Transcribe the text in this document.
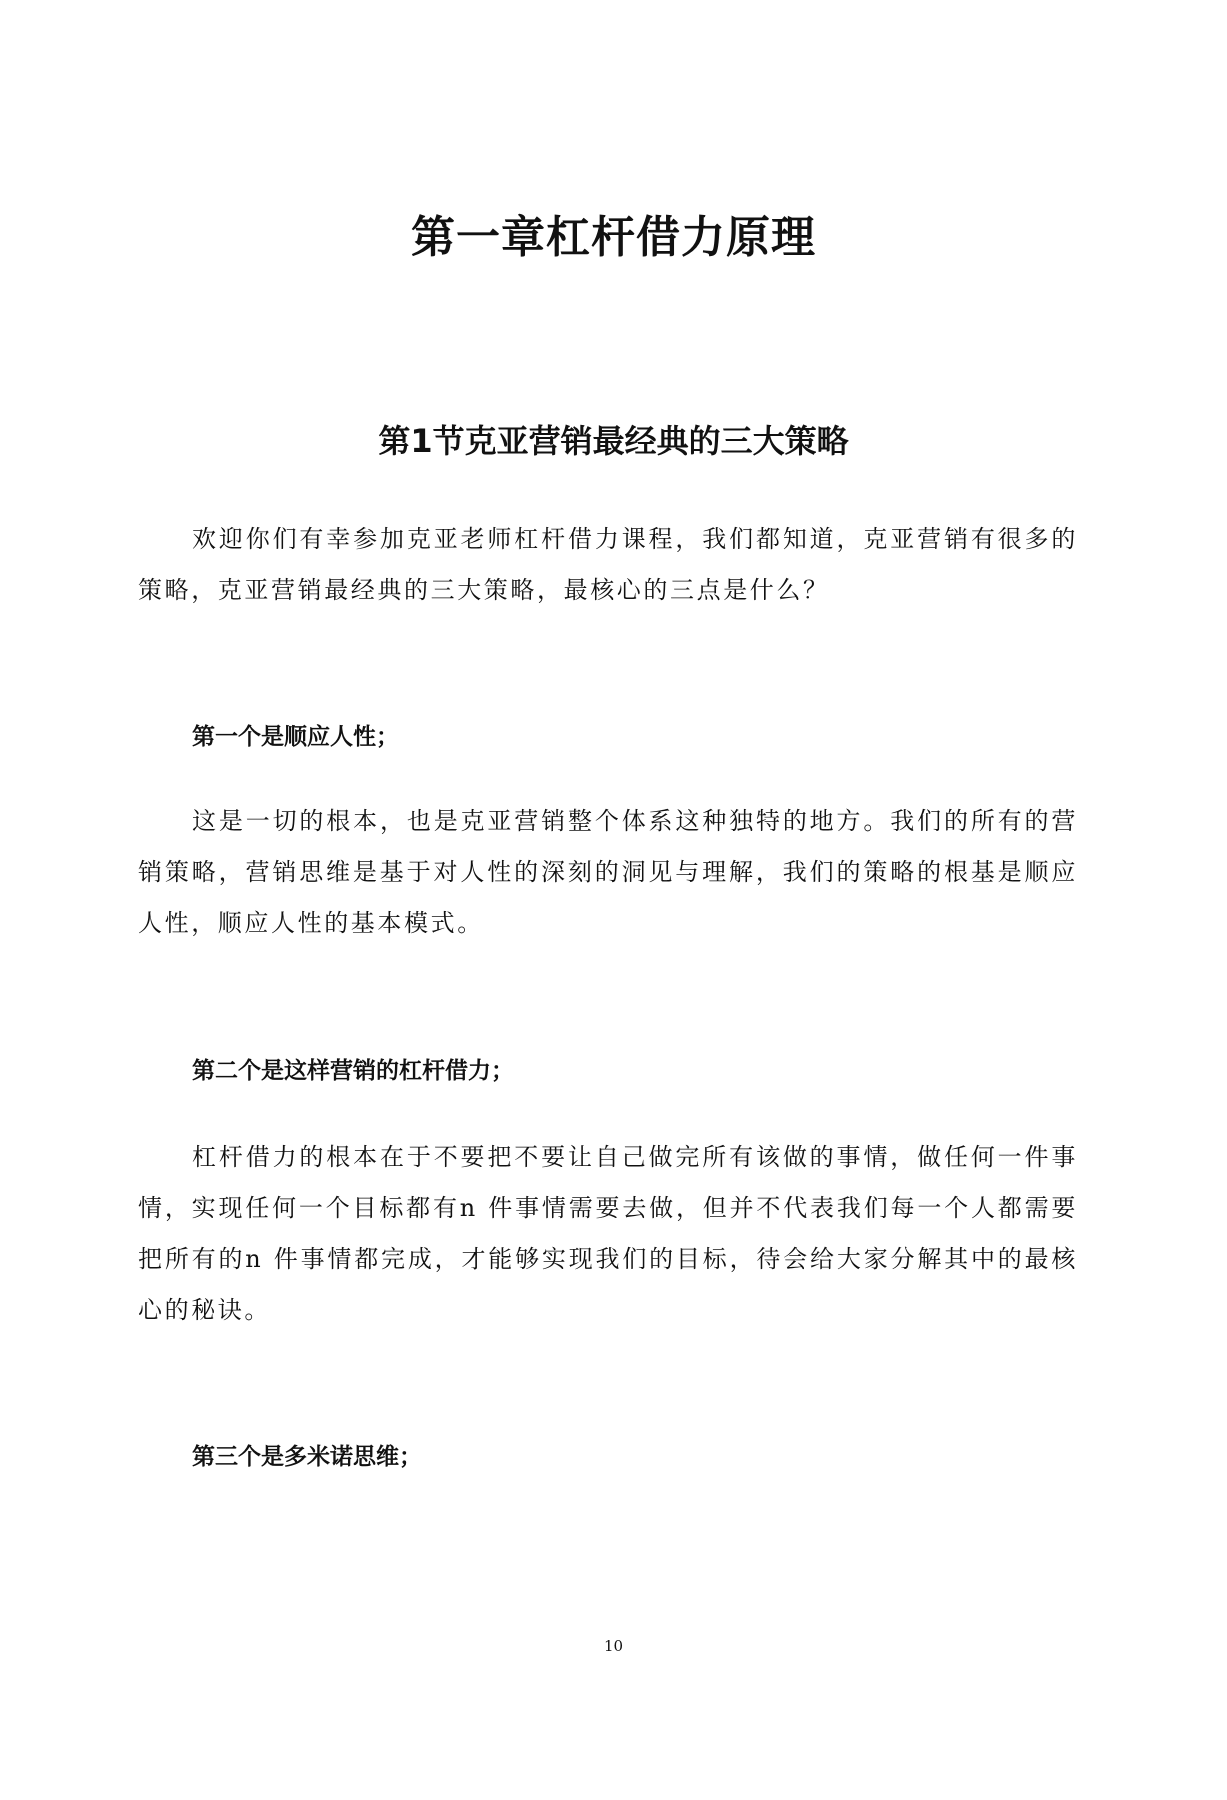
第一章杠杆借力原理
第1节克亚营销最经典的三大策略

欢迎你们有幸参加克亚老师杠杆借力课程，我们都知道，克亚营销有很多的策略，克亚营销最经典的三大策略，最核心的三点是什么？

第一个是顺应人性；

这是一切的根本，也是克亚营销整个体系这种独特的地方。我们的所有的营销策略，营销思维是基于对人性的深刻的洞见与理解，我们的策略的根基是顺应人性，顺应人性的基本模式。

第二个是这样营销的杠杆借力；

杠杆借力的根本在于不要把不要让自己做完所有该做的事情，做任何一件事情，实现任何一个目标都有n 件事情需要去做，但并不代表我们每一个人都需要把所有的n 件事情都完成，才能够实现我们的目标，待会给大家分解其中的最核心的秘诀。

第三个是多米诺思维；
10
